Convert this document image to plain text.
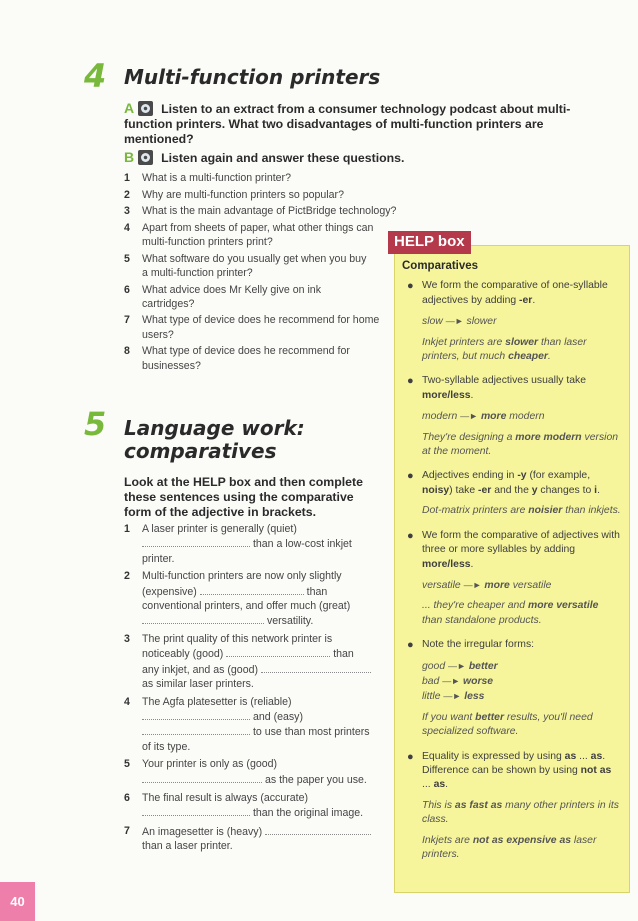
4 Multi-function printers
A Listen to an extract from a consumer technology podcast about multi-function printers. What two disadvantages of multi-function printers are mentioned?
B Listen again and answer these questions.
1 What is a multi-function printer?
2 Why are multi-function printers so popular?
3 What is the main advantage of PictBridge technology?
4 Apart from sheets of paper, what other things can multi-function printers print?
5 What software do you usually get when you buy a multi-function printer?
6 What advice does Mr Kelly give on ink cartridges?
7 What type of device does he recommend for home users?
8 What type of device does he recommend for businesses?
5 Language work:
comparatives
Look at the HELP box and then complete these sentences using the comparative form of the adjective in brackets.
1 A laser printer is generally (quiet)
than a low-cost inkjet
printer.
2 Multi-function printers are now only slightly
(expensive)	than
conventional printers, and offer much (great)
versatility.
3 The print quality of this network printer is
noticeably (good)	than
any inkjet, and as (good)
as similar laser printers.
4 The Agfa platesetter is (reliable)
and (easy)
to use than most printers
of its type.
5 Your printer is only as (good)
as the paper you use.
6 The final result is always (accurate)
than the original image.
7 An imagesetter is (heavy)
than a laser printer.
Comparatives
● We form the comparative of one-syllable adjectives by adding -er.
slow —► slower
Inkjet printers are slower than laser printers, but much cheaper.
● Two-syllable adjectives usually take more/less.
modern —► more modern
They're designing a more modern version at the moment.
● Adjectives ending in -y (for example, noisy) take -er and the y changes to i.
Dot-matrix printers are noisier than inkjets.
● We form the comparative of adjectives with three or more syllables by adding more/less.
versatile —► more versatile
... they're cheaper and more versatile than standalone products.
● Note the irregular forms:
good —► better
bad —► worse
little —► less
If you want better results, you'll need specialized software.
● Equality is expressed by using as ... as. Difference can be shown by using not as ... as.
This is as fast as many other printers in its class.
Inkjets are not as expensive as laser printers.
HELP box
40
